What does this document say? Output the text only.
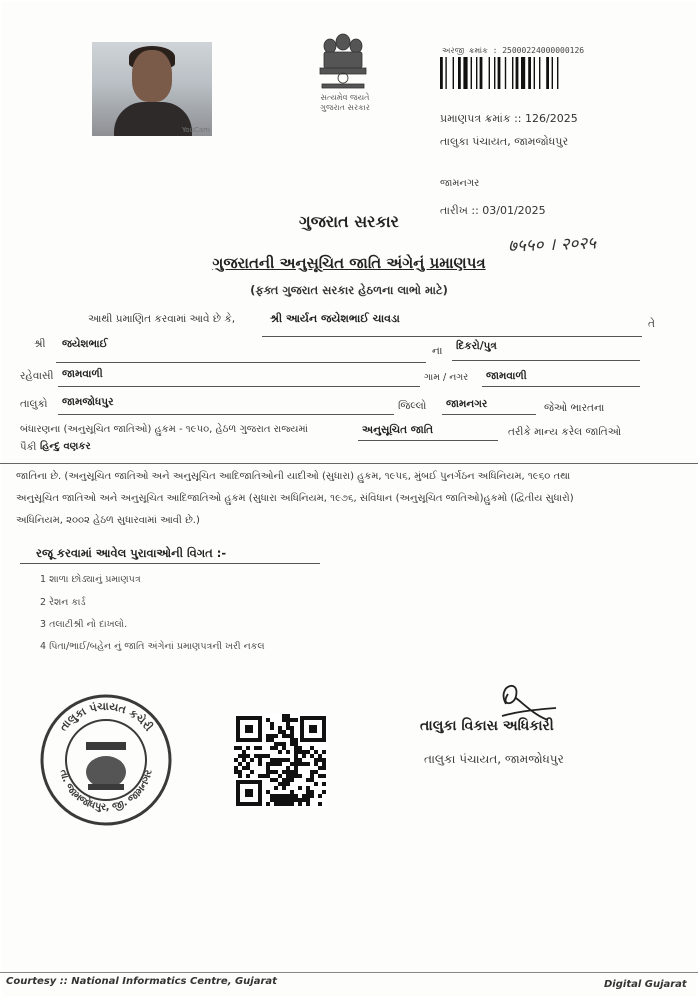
YouCam
સત્યમેવ જયતે
ગુજરાત સરકાર
અરજી ક્રમાંક : 25000224000000126
પ્રમાણપત્ર ક્રમાંક :: 126/2025
તાલુકા પંચાયત, જામજોધપુર
જામનગર
તારીખ :: 03/01/2025
ગુજરાત સરકાર
७५५० । २०२५
ગુજરાતની અનુસૂચિત જાતિ અંગેનું પ્રમાણપત્ર
(ફક્ત ગુજરાત સરકાર હેઠળના લાભો માટે)
આથી પ્રમાણિત કરવામાં આવે છે કે,	શ્રી આર્યન જયેશભાઈ ચાવડા	તે
શ્રી જયેશભાઈ
ના દિકરો/પુત્ર
રહેવાસી જામવાળી	ગામ / નગર જામવાળી
તાલુકો જામજોધપુર	જિલ્લો જામનગર	જેઓ ભારતના
બંધારણના (અનુસૂચિત જાતિઓ) હુકમ - ૧૯૫૦, હેઠળ ગુજરાત રાજ્યમાં	અનુસૂચિત જાતિ	તરીકે માન્ય કરેલ જાતિઓ
પૈકી હિન્દુ વણકર
જાતિના છે. (અનુસૂચિત જાતિઓ અને અનુસૂચિત આદિજાતિઓની યાદીઓ (સુધારા) હુકમ, ૧૯૫૬, મુંબઈ પુનર્ગઠન અધિનિયમ, ૧૯૬૦ તથા
અનુસૂચિત જાતિઓ અને અનુસૂચિત આદિજાતિઓ હુકમ (સુધારા અધિનિયમ, ૧૯૭૬, સંવિધાન (અનુસૂચિત જાતિઓ)હુકમો (દ્વિતીય સુધારો)
અધિનિયમ, ૨૦૦૨ હેઠળ સુધારવામાં આવી છે.)
રજૂ કરવામાં આવેલ પુરાવાઓની વિગત :-
1 શાળા છોડ્યાનું પ્રમાણપત્ર
2 રેશન કાર્ડ
3 તલાટીશ્રી નો દાખલો.
4 પિતા/ભાઈ/બહેન નું જાતિ અંગેનાં પ્રમાણપત્રની ખરી નકલ
તાલુકા પંચાયત કચેરી
તા. જામજોધપુર, જી. જામનગર
તાલુકા વિકાસ અધિકારી
તાલુકા પંચાયત, જામજોધપુર
Courtesy :: National Informatics Centre, Gujarat	Digital Gujarat
